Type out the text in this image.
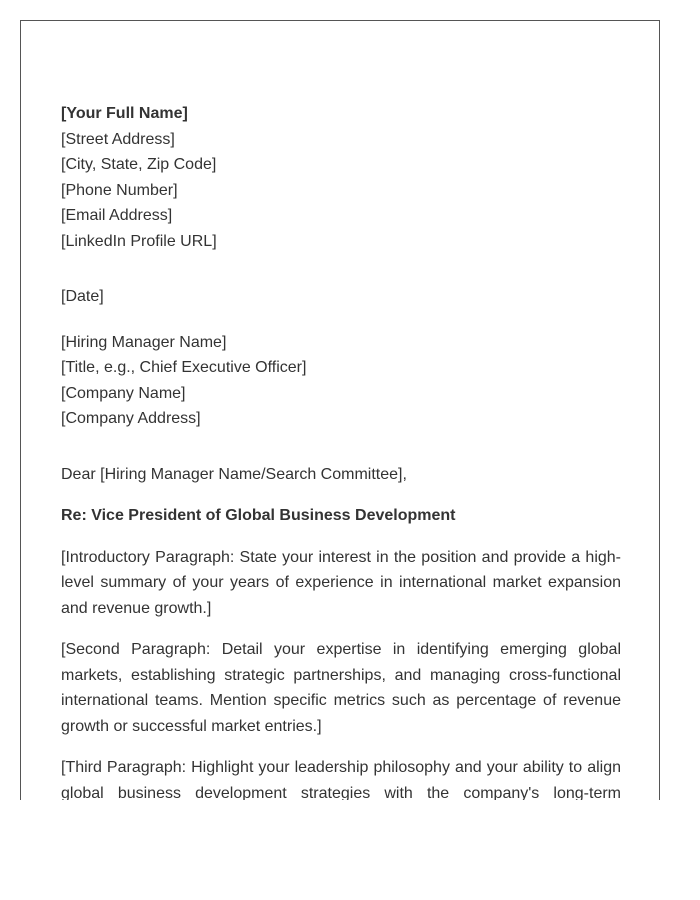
[Your Full Name]
[Street Address]
[City, State, Zip Code]
[Phone Number]
[Email Address]
[LinkedIn Profile URL]
[Date]
[Hiring Manager Name]
[Title, e.g., Chief Executive Officer]
[Company Name]
[Company Address]
Dear [Hiring Manager Name/Search Committee],
Re: Vice President of Global Business Development

[Introductory Paragraph: State your interest in the position and provide a high-level summary of your years of experience in international market expansion and revenue growth.]

[Second Paragraph: Detail your expertise in identifying emerging global markets, establishing strategic partnerships, and managing cross-functional international teams. Mention specific metrics such as percentage of revenue growth or successful market entries.]

[Third Paragraph: Highlight your leadership philosophy and your ability to align global business development strategies with the company's long-term
